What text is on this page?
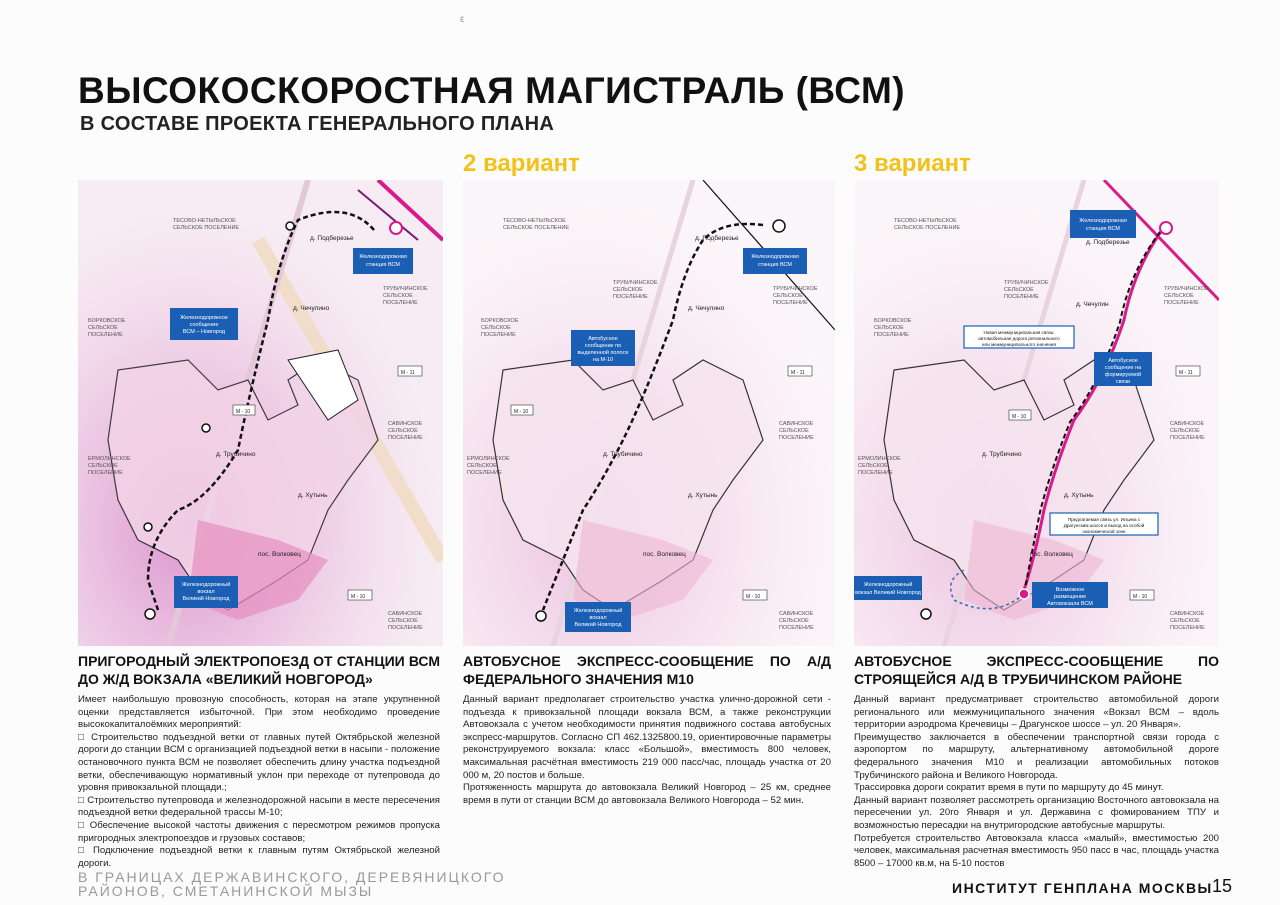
ε
ВЫСОКОСКОРОСТНАЯ МАГИСТРАЛЬ (ВСМ)
В СОСТАВЕ ПРОЕКТА ГЕНЕРАЛЬНОГО ПЛАНА
2 вариант	3 вариант
ТЕСОВО-НЕТЫЛЬСКОЕ
СЕЛЬСКОЕ ПОСЕЛЕНИЕ
ТРУБИЧИНСКОЕ
СЕЛЬСКОЕ
ПОСЕЛЕНИЕ
БОРКОВСКОЕ
СЕЛЬСКОЕ
ПОСЕЛЕНИЕ
ЕРМОЛИНСКОЕ
СЕЛЬСКОЕ
ПОСЕЛЕНИЕ
САВИНСКОЕ
СЕЛЬСКОЕ
ПОСЕЛЕНИЕ
САВИНСКОЕ
СЕЛЬСКОЕ
ПОСЕЛЕНИЕ
д. Подберезье
д. Чечулино
д. Трубичино
д. Хутынь
пос. Волковец
М - 10
М - 11
М - 10
Железнодорожная
станция ВСМ
Железнодорожное
сообщение
ВСМ – Новгород
Железнодорожный
вокзал
Великий Новгород
ТЕСОВО-НЕТЫЛЬСКОЕ
СЕЛЬСКОЕ ПОСЕЛЕНИЕ
ТРУБИЧИНСКОЕ
СЕЛЬСКОЕ
ПОСЕЛЕНИЕ
ТРУБИЧИНСКОЕ
СЕЛЬСКОЕ
ПОСЕЛЕНИЕ
БОРКОВСКОЕ
СЕЛЬСКОЕ
ПОСЕЛЕНИЕ
ЕРМОЛИНСКОЕ
СЕЛЬСКОЕ
ПОСЕЛЕНИЕ
САВИНСКОЕ
СЕЛЬСКОЕ
ПОСЕЛЕНИЕ
САВИНСКОЕ
СЕЛЬСКОЕ
ПОСЕЛЕНИЕ
д. Подберезье
д. Чечулино
д. Трубичино
д. Хутынь
пос. Волковец
М - 10
М - 11
М - 10
Железнодорожная
станция ВСМ
Автобусное
сообщение по
выделенной полосе
на М-10
Железнодорожный
вокзал
Великий Новгород
ТЕСОВО-НЕТЫЛЬСКОЕ
СЕЛЬСКОЕ ПОСЕЛЕНИЕ
ТРУБИЧИНСКОЕ
СЕЛЬСКОЕ
ПОСЕЛЕНИЕ
ТРУБИЧИНСКОЕ
СЕЛЬСКОЕ
ПОСЕЛЕНИЕ
БОРКОВСКОЕ
СЕЛЬСКОЕ
ПОСЕЛЕНИЕ
ЕРМОЛИНСКОЕ
СЕЛЬСКОЕ
ПОСЕЛЕНИЕ
САВИНСКОЕ
СЕЛЬСКОЕ
ПОСЕЛЕНИЕ
САВИНСКОЕ
СЕЛЬСКОЕ
ПОСЕЛЕНИЕ
д. Подберезье
д. Чечулин
д. Трубичино
д. Хутынь
пос. Волковец
М - 10
М - 11
М - 10
Железнодорожная
станция ВСМ
Автобусное
сообщение на
формируемой
связи
Железнодорожный
вокзал Великий Новгород	Возможное
размещение
Автовокзала ВСМ
Новая межмуниципальная связь:
автомобильная дорога регионального
или межмуниципального значения
Предлагаемая связь ул. Ильина с
Драгунским шоссе и выход на особой
экономической зоне
ПРИГОРОДНЫЙ ЭЛЕКТРОПОЕЗД ОТ СТАНЦИИ ВСМ ДО Ж/Д ВОКЗАЛА «ВЕЛИКИЙ НОВГОРОД»

Имеет наибольшую провозную способность, которая на этапе укрупненной оценки представляется избыточной. При этом необходимо проведение высококапиталоёмких мероприятий:

□ Строительство подъездной ветки от главных путей Октябрьской железной дороги до станции ВСМ с организацией подъездной ветки в насыпи - положение остановочного пункта ВСМ не позволяет обеспечить длину участка подъездной ветки, обеспечивающую нормативный уклон при переходе от путепровода до уровня привокзальной площади.;
□ Строительство путепровода и железнодорожной насыпи в месте пересечения подъездной ветки федеральной трассы М-10;
□ Обеспечение высокой частоты движения с пересмотром режимов пропуска пригородных электропоездов и грузовых составов;
□ Подключение подъездной ветки к главным путям Октябрьской железной дороги.
АВТОБУСНОЕ ЭКСПРЕСС-СООБЩЕНИЕ ПО А/Д ФЕДЕРАЛЬНОГО ЗНАЧЕНИЯ М10

Данный вариант предполагает строительство участка улично-дорожной сети - подъезда к привокзальной площади вокзала ВСМ, а также реконструкции Автовокзала с учетом необходимости принятия подвижного состава автобусных экспресс-маршрутов. Согласно СП 462.1325800.19, ориентировочные параметры реконструируемого вокзала: класс «Большой», вместимость 800 человек, максимальная расчётная вместимость 219 000 пасс/час, площадь участка от 20 000 м, 20 постов и больше.

Протяженность маршрута до автовокзала Великий Новгород – 25 км, среднее время в пути от станции ВСМ до автовокзала Великого Новгорода – 52 мин.

АВТОБУСНОЕ ЭКСПРЕСС-СООБЩЕНИЕ ПО СТРОЯЩЕЙСЯ А/Д В ТРУБИЧИНСКОМ РАЙОНЕ

Данный вариант предусматривает строительство автомобильной дороги регионального или межмуниципального значения «Вокзал ВСМ – вдоль территории аэродрома Кречевицы – Драгунское шоссе – ул. 20 Января».

Преимущество заключается в обеспечении транспортной связи города с аэропортом по маршруту, альтернативному автомобильной дороге федерального значения М10 и реализации автомобильных потоков Трубичинского района и Великого Новгорода.

Трассировка дороги сократит время в пути по маршруту до 45 минут.

Данный вариант позволяет рассмотреть организацию Восточного автовокзала на пересечении ул. 20го Января и ул. Державина с фомированием ТПУ и возможностью пересадки на внутригородские автобусные маршруты.

Потребуется строительство Автовокзала класса «малый», вместимостью 200 человек, максимальная расчетная вместимость 950 пасс в час, площадь участка 8500 – 17000 кв.м, на 5-10 постов

В ГРАНИЦАХ ДЕРЖАВИНСКОГО, ДЕРЕВЯНИЦКОГО РАЙОНОВ, СМЕТАНИНСКОЙ МЫЗЫ	ИНСТИТУТ ГЕНПЛАНА МОСКВЫ 15
